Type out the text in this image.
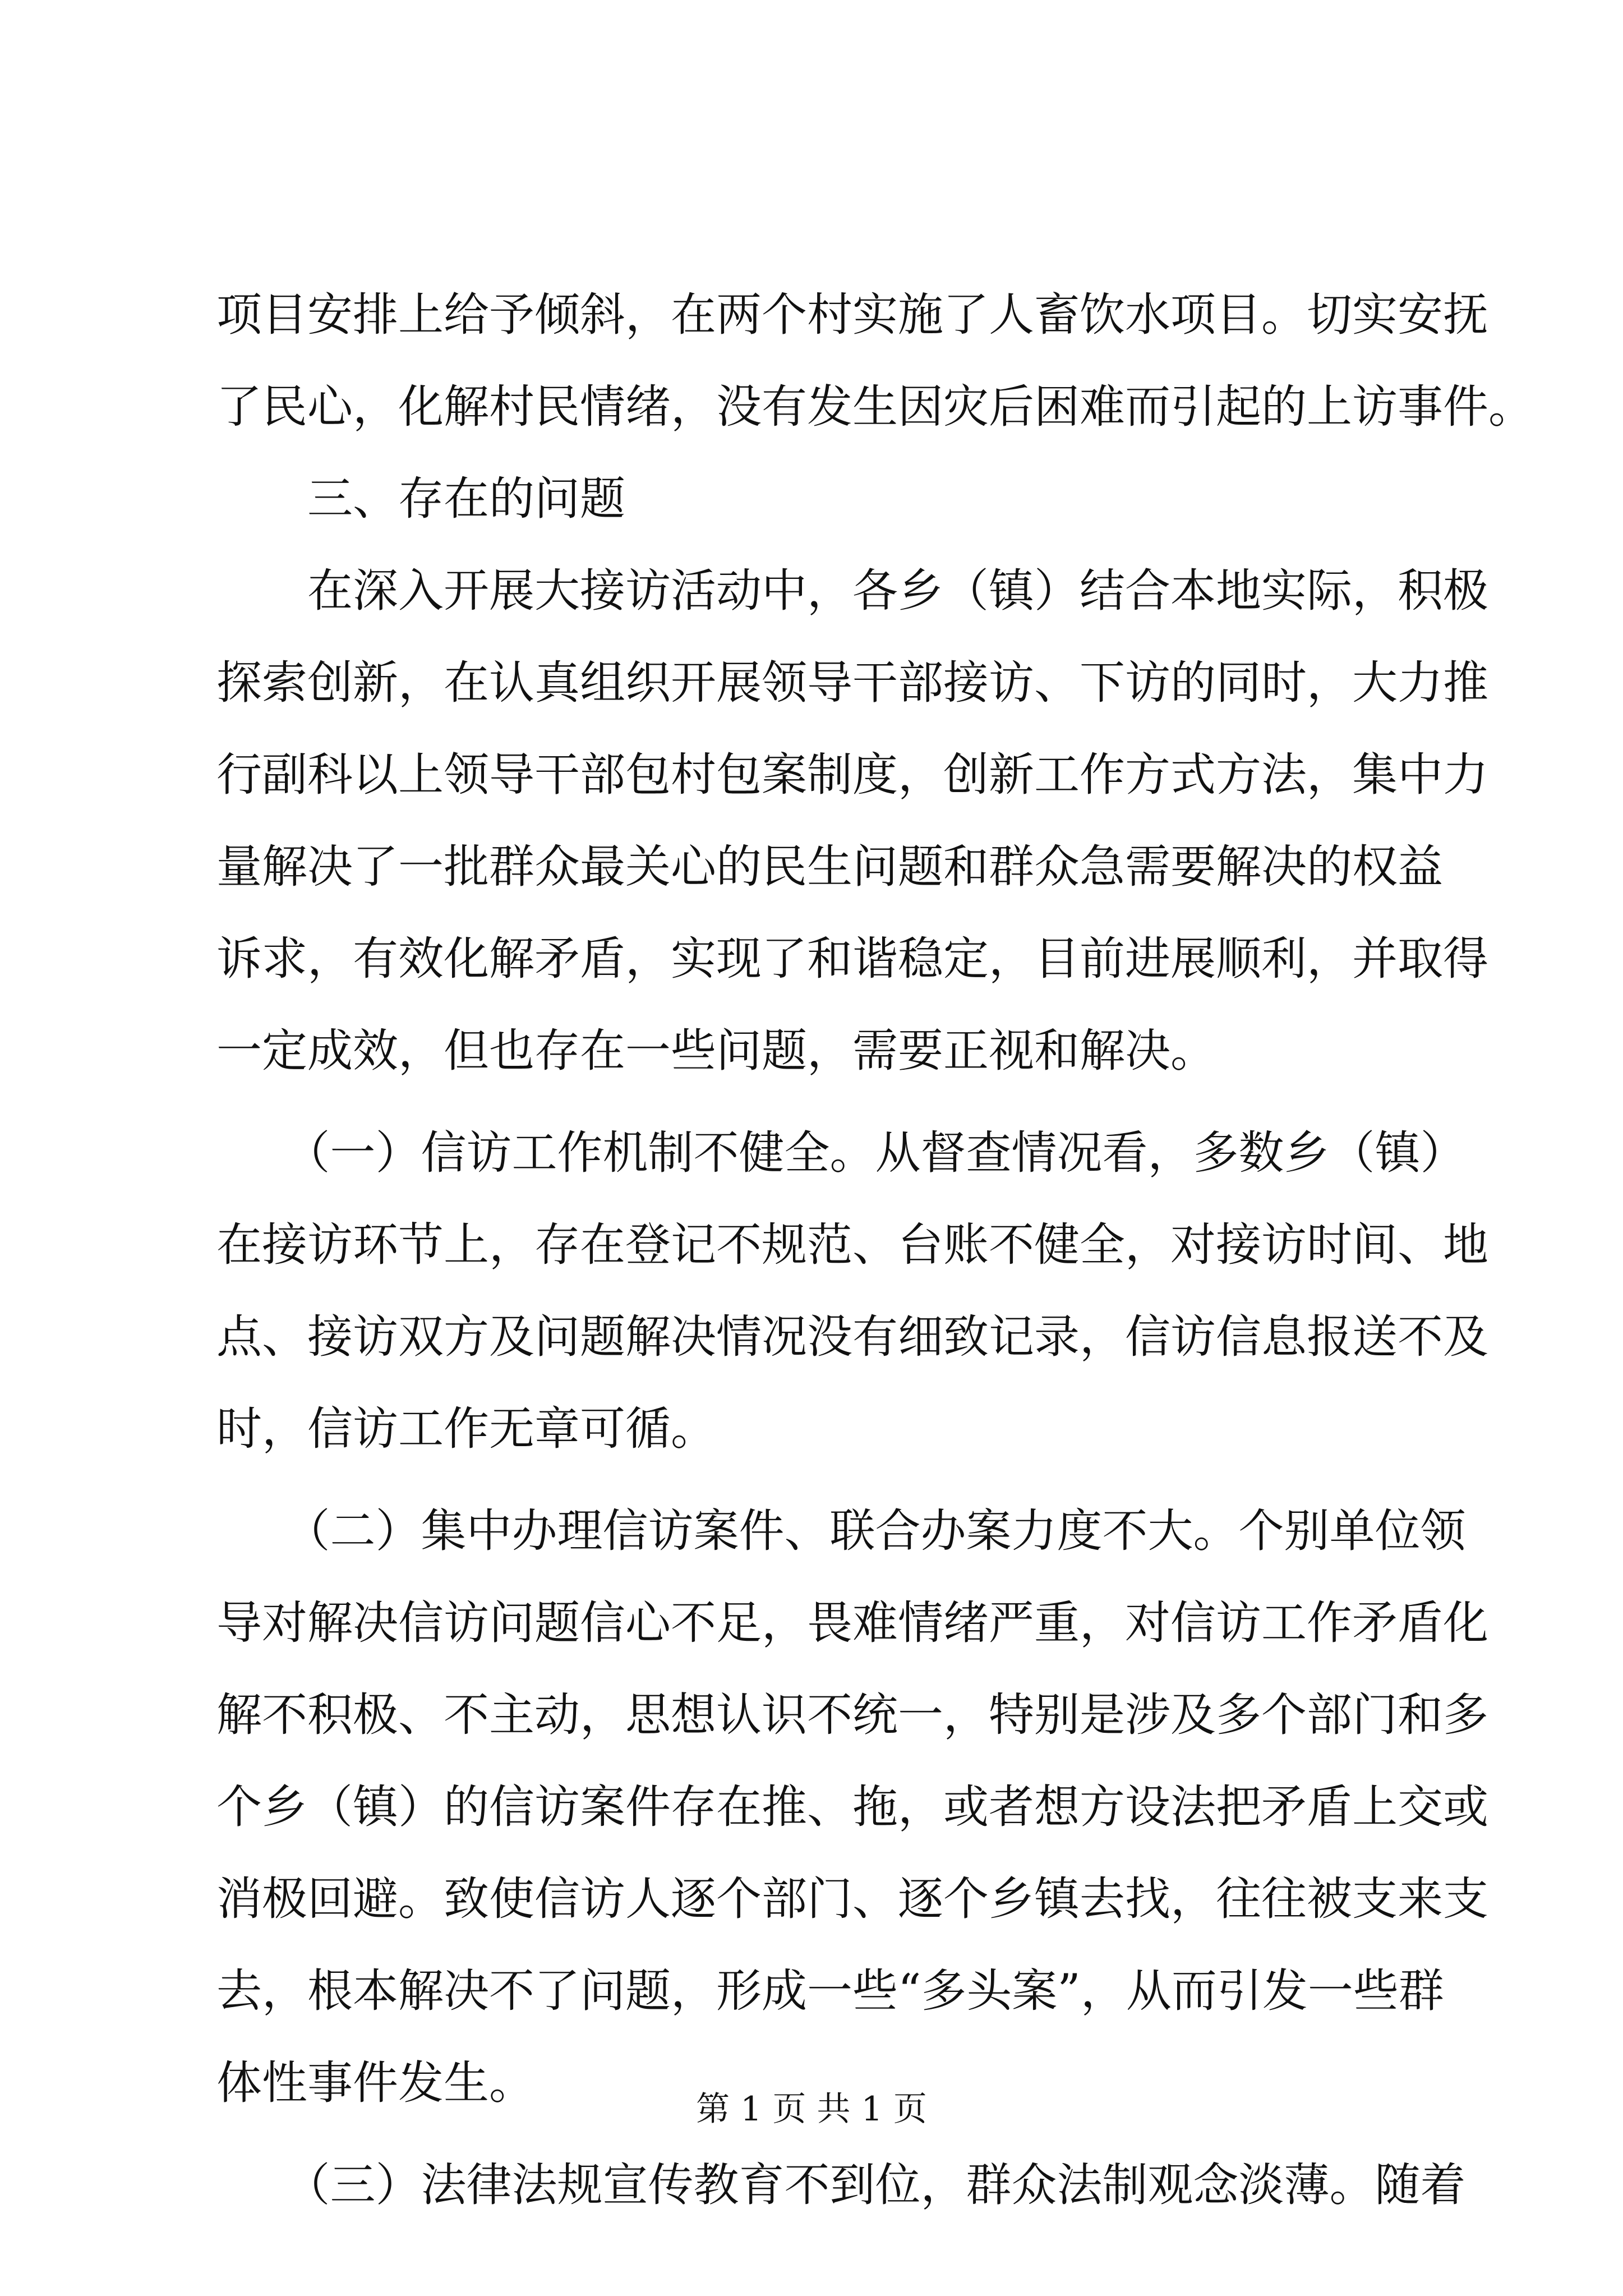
项目安排上给予倾斜，在两个村实施了人畜饮水项目。切实安抚
了民心，化解村民情绪，没有发生因灾后困难而引起的上访事件。
　　三、存在的问题
　　在深入开展大接访活动中，各乡（镇）结合本地实际，积极
探索创新，在认真组织开展领导干部接访、下访的同时，大力推
行副科以上领导干部包村包案制度，创新工作方式方法，集中力
量解决了一批群众最关心的民生问题和群众急需要解决的权益
诉求，有效化解矛盾，实现了和谐稳定，目前进展顺利，并取得
一定成效，但也存在一些问题，需要正视和解决。
　　（一）信访工作机制不健全。从督查情况看，多数乡（镇）
在接访环节上，存在登记不规范、台账不健全，对接访时间、地
点、接访双方及问题解决情况没有细致记录，信访信息报送不及
时，信访工作无章可循。
　　（二）集中办理信访案件、联合办案力度不大。个别单位领
导对解决信访问题信心不足，畏难情绪严重，对信访工作矛盾化
解不积极、不主动，思想认识不统一，特别是涉及多个部门和多
个乡（镇）的信访案件存在推、拖，或者想方设法把矛盾上交或
消极回避。致使信访人逐个部门、逐个乡镇去找，往往被支来支
去，根本解决不了问题，形成一些“多头案”，从而引发一些群
体性事件发生。
　　（三）法律法规宣传教育不到位，群众法制观念淡薄。随着
第 1 页 共 1 页
